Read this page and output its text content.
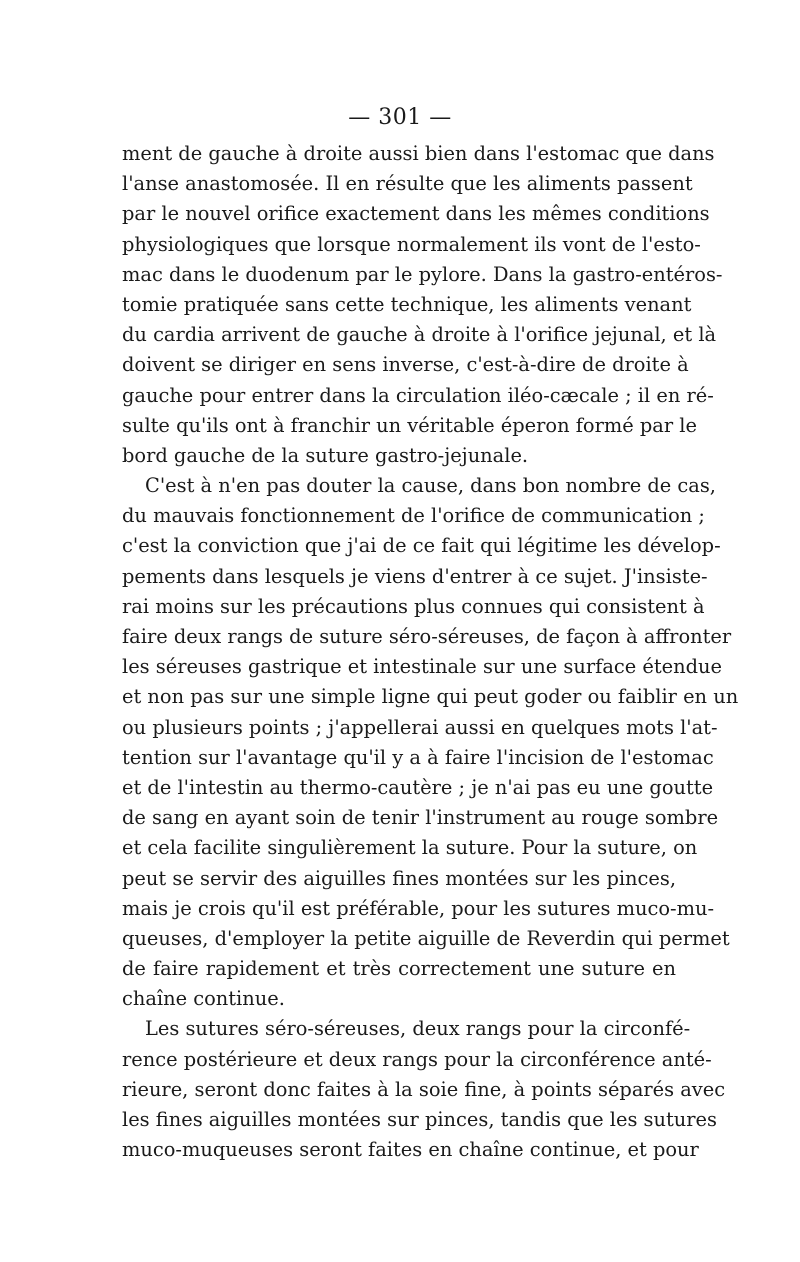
— 301 —
ment de gauche à droite aussi bien dans l'estomac que dans
l'anse anastomosée. Il en résulte que les aliments passent
par le nouvel orifice exactement dans les mêmes conditions
physiologiques que lorsque normalement ils vont de l'esto-
mac dans le duodenum par le pylore. Dans la gastro-entéros-
tomie pratiquée sans cette technique, les aliments venant
du cardia arrivent de gauche à droite à l'orifice jejunal, et là
doivent se diriger en sens inverse, c'est-à-dire de droite à
gauche pour entrer dans la circulation iléo-cæcale ; il en ré-
sulte qu'ils ont à franchir un véritable éperon formé par le
bord gauche de la suture gastro-jejunale.
C'est à n'en pas douter la cause, dans bon nombre de cas,
du mauvais fonctionnement de l'orifice de communication ;
c'est la conviction que j'ai de ce fait qui légitime les dévelop-
pements dans lesquels je viens d'entrer à ce sujet. J'insiste-
rai moins sur les précautions plus connues qui consistent à
faire deux rangs de suture séro-séreuses, de façon à affronter
les séreuses gastrique et intestinale sur une surface étendue
et non pas sur une simple ligne qui peut goder ou faiblir en un
ou plusieurs points ; j'appellerai aussi en quelques mots l'at-
tention sur l'avantage qu'il y a à faire l'incision de l'estomac
et de l'intestin au thermo-cautère ; je n'ai pas eu une goutte
de sang en ayant soin de tenir l'instrument au rouge sombre
et cela facilite singulièrement la suture. Pour la suture, on
peut se servir des aiguilles fines montées sur les pinces,
mais je crois qu'il est préférable, pour les sutures muco-mu-
queuses, d'employer la petite aiguille de Reverdin qui permet
de faire rapidement et très correctement une suture en
chaîne continue.
Les sutures séro-séreuses, deux rangs pour la circonfé-
rence postérieure et deux rangs pour la circonférence anté-
rieure, seront donc faites à la soie fine, à points séparés avec
les fines aiguilles montées sur pinces, tandis que les sutures
muco-muqueuses seront faites en chaîne continue, et pour
